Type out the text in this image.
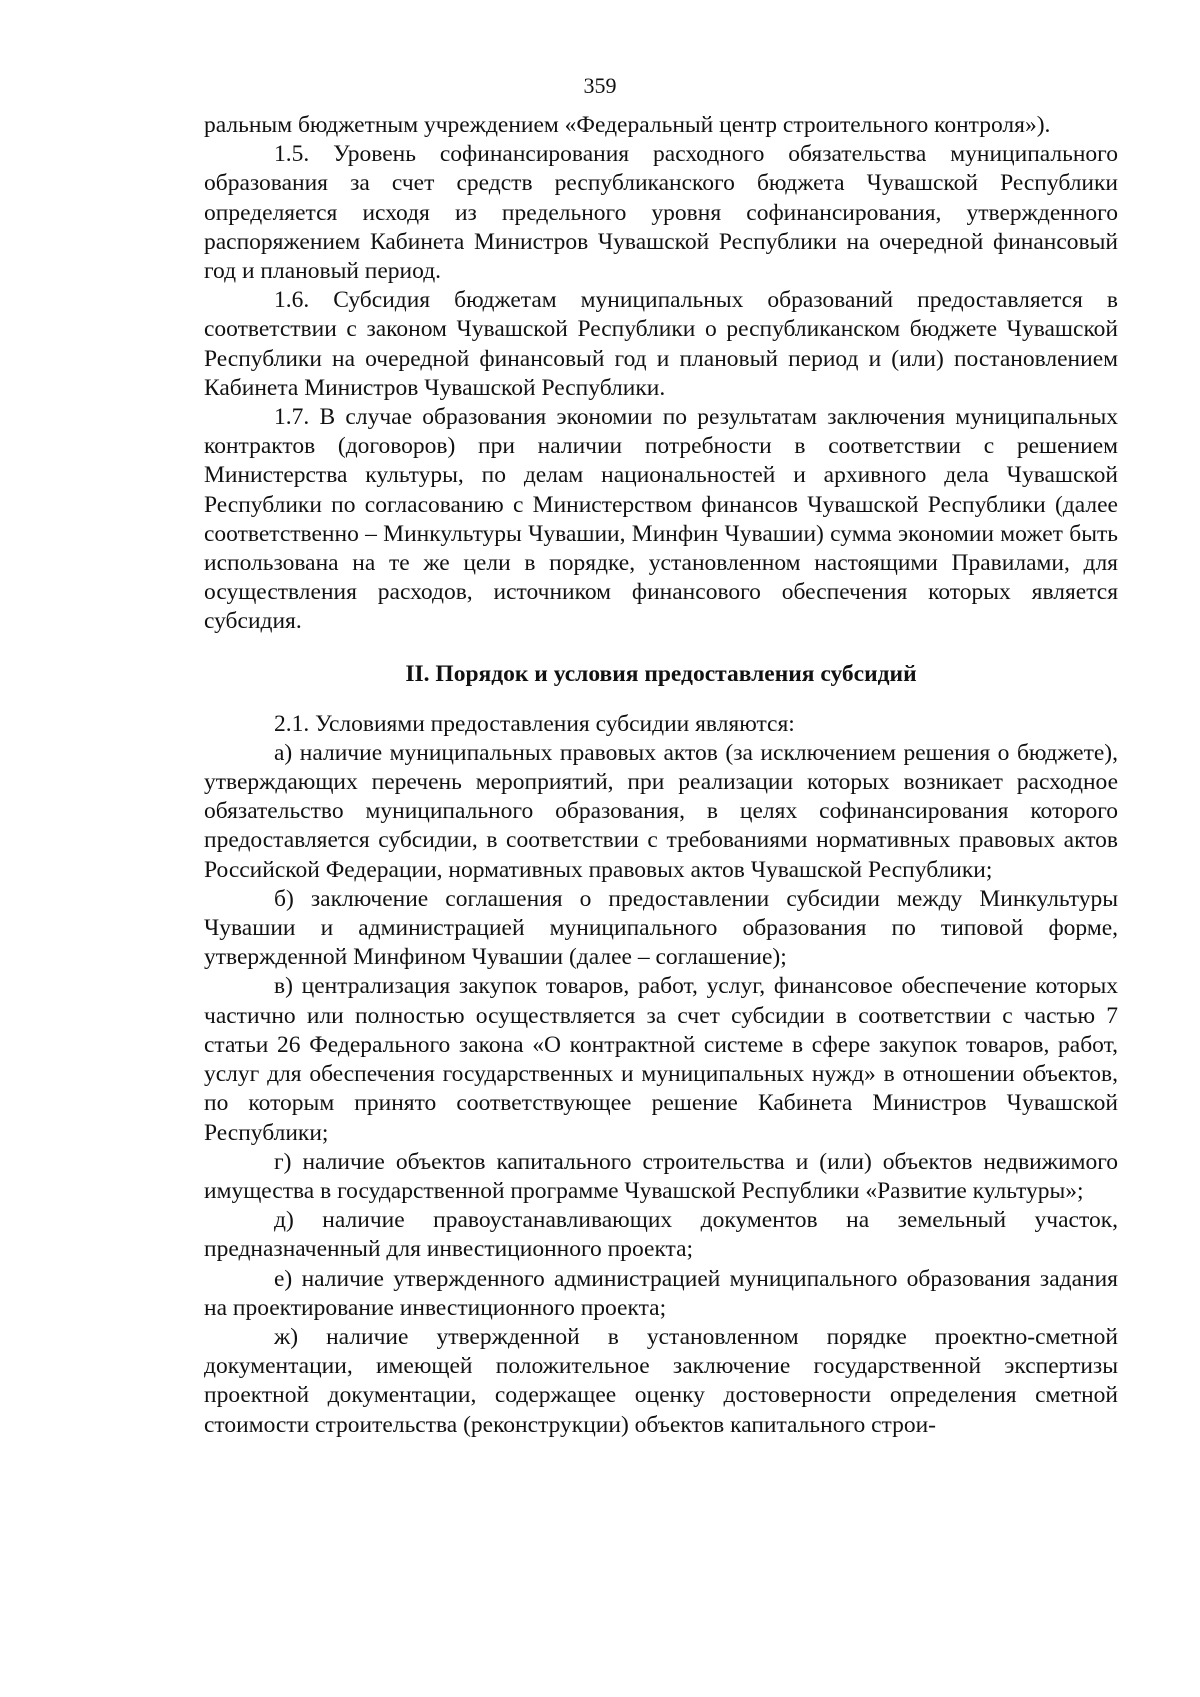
359

ральным бюджетным учреждением «Федеральный центр строительного контроля»).

1.5. Уровень софинансирования расходного обязательства муниципального образования за счет средств республиканского бюджета Чувашской Республики определяется исходя из предельного уровня софинансирования, утвержденного распоряжением Кабинета Министров Чувашской Республики на очередной финансовый год и плановый период.

1.6. Субсидия бюджетам муниципальных образований предоставляется в соответствии с законом Чувашской Республики о республиканском бюджете Чувашской Республики на очередной финансовый год и плановый период и (или) постановлением Кабинета Министров Чувашской Республики.

1.7. В случае образования экономии по результатам заключения муниципальных контрактов (договоров) при наличии потребности в соответствии с решением Министерства культуры, по делам национальностей и архивного дела Чувашской Республики по согласованию с Министерством финансов Чувашской Республики (далее соответственно – Минкультуры Чувашии, Минфин Чувашии) сумма экономии может быть использована на те же цели в порядке, установленном настоящими Правилами, для осуществления расходов, источником финансового обеспечения которых является субсидия.

II. Порядок и условия предоставления субсидий

2.1. Условиями предоставления субсидии являются:

а) наличие муниципальных правовых актов (за исключением решения о бюджете), утверждающих перечень мероприятий, при реализации которых возникает расходное обязательство муниципального образования, в целях софинансирования которого предоставляется субсидии, в соответствии с требованиями нормативных правовых актов Российской Федерации, нормативных правовых актов Чувашской Республики;

б) заключение соглашения о предоставлении субсидии между Минкультуры Чувашии и администрацией муниципального образования по типовой форме, утвержденной Минфином Чувашии (далее – соглашение);

в) централизация закупок товаров, работ, услуг, финансовое обеспечение которых частично или полностью осуществляется за счет субсидии в соответствии с частью 7 статьи 26 Федерального закона «О контрактной системе в сфере закупок товаров, работ, услуг для обеспечения государственных и муниципальных нужд» в отношении объектов, по которым принято соответствующее решение Кабинета Министров Чувашской Республики;

г) наличие объектов капитального строительства и (или) объектов недвижимого имущества в государственной программе Чувашской Республики «Развитие культуры»;

д) наличие правоустанавливающих документов на земельный участок, предназначенный для инвестиционного проекта;

е) наличие утвержденного администрацией муниципального образования задания на проектирование инвестиционного проекта;

ж) наличие утвержденной в установленном порядке проектно-сметной документации, имеющей положительное заключение государственной экспертизы проектной документации, содержащее оценку достоверности определения сметной стоимости строительства (реконструкции) объектов капитального строи-
